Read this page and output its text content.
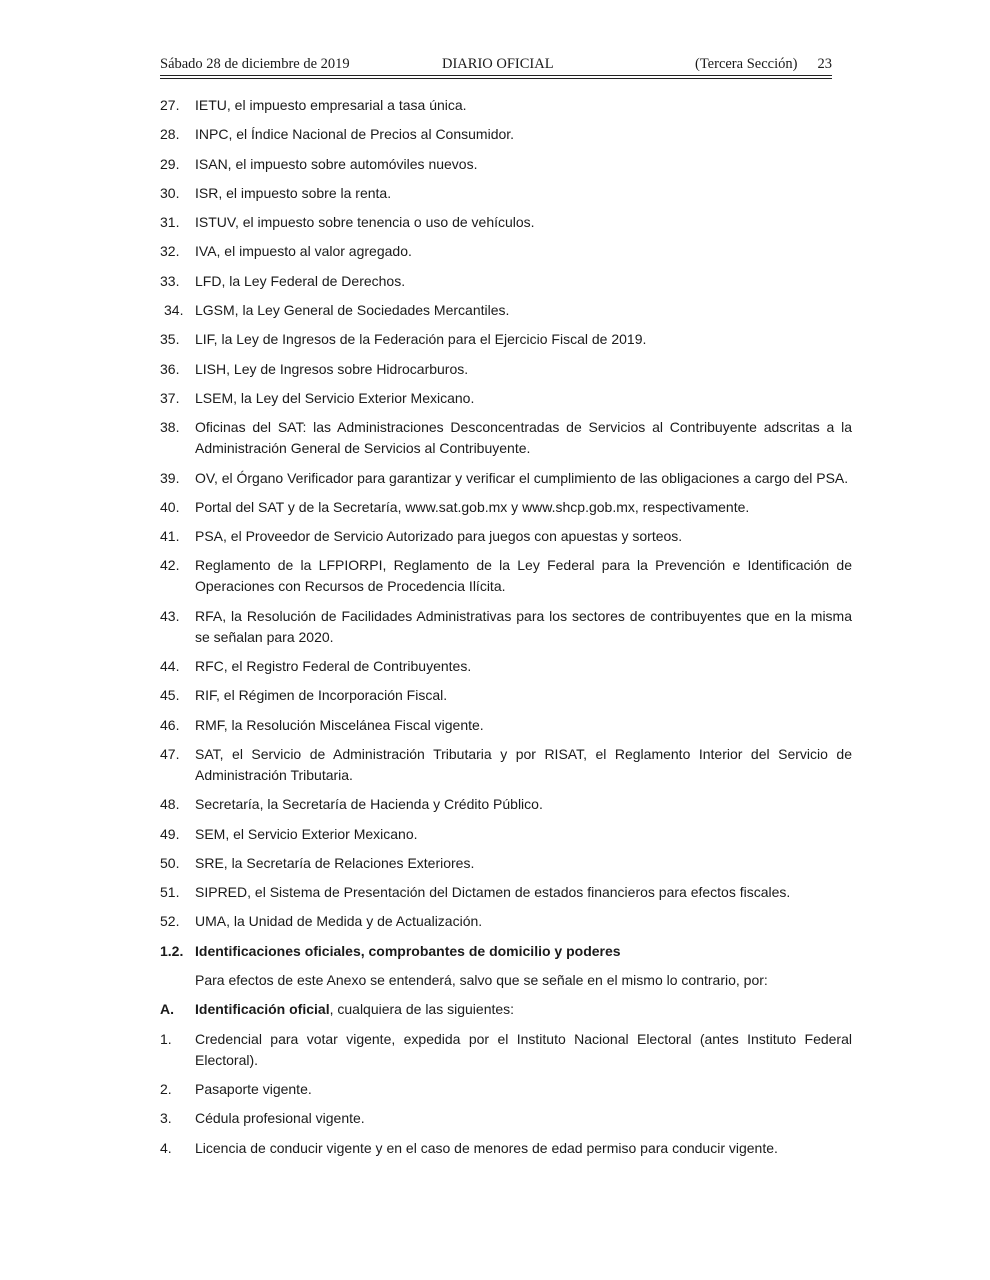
Sábado 28 de diciembre de 2019	DIARIO OFICIAL	(Tercera Sección) 23
27. IETU, el impuesto empresarial a tasa única.
28. INPC, el Índice Nacional de Precios al Consumidor.
29. ISAN, el impuesto sobre automóviles nuevos.
30. ISR, el impuesto sobre la renta.
31. ISTUV, el impuesto sobre tenencia o uso de vehículos.
32. IVA, el impuesto al valor agregado.
33. LFD, la Ley Federal de Derechos.
34. LGSM, la Ley General de Sociedades Mercantiles.
35. LIF, la Ley de Ingresos de la Federación para el Ejercicio Fiscal de 2019.
36. LISH, Ley de Ingresos sobre Hidrocarburos.
37. LSEM, la Ley del Servicio Exterior Mexicano.
38. Oficinas del SAT: las Administraciones Desconcentradas de Servicios al Contribuyente adscritas a la Administración General de Servicios al Contribuyente.
39. OV, el Órgano Verificador para garantizar y verificar el cumplimiento de las obligaciones a cargo del PSA.
40. Portal del SAT y de la Secretaría, www.sat.gob.mx y www.shcp.gob.mx, respectivamente.
41. PSA, el Proveedor de Servicio Autorizado para juegos con apuestas y sorteos.
42. Reglamento de la LFPIORPI, Reglamento de la Ley Federal para la Prevención e Identificación de Operaciones con Recursos de Procedencia Ilícita.
43. RFA, la Resolución de Facilidades Administrativas para los sectores de contribuyentes que en la misma se señalan para 2020.
44. RFC, el Registro Federal de Contribuyentes.
45. RIF, el Régimen de Incorporación Fiscal.
46. RMF, la Resolución Miscelánea Fiscal vigente.
47. SAT, el Servicio de Administración Tributaria y por RISAT, el Reglamento Interior del Servicio de Administración Tributaria.
48. Secretaría, la Secretaría de Hacienda y Crédito Público.
49. SEM, el Servicio Exterior Mexicano.
50. SRE, la Secretaría de Relaciones Exteriores.
51. SIPRED, el Sistema de Presentación del Dictamen de estados financieros para efectos fiscales.
52. UMA, la Unidad de Medida y de Actualización.
1.2. Identificaciones oficiales, comprobantes de domicilio y poderes
Para efectos de este Anexo se entenderá, salvo que se señale en el mismo lo contrario, por:
A. Identificación oficial, cualquiera de las siguientes:
1. Credencial para votar vigente, expedida por el Instituto Nacional Electoral (antes Instituto Federal Electoral).
2. Pasaporte vigente.
3. Cédula profesional vigente.
4. Licencia de conducir vigente y en el caso de menores de edad permiso para conducir vigente.
